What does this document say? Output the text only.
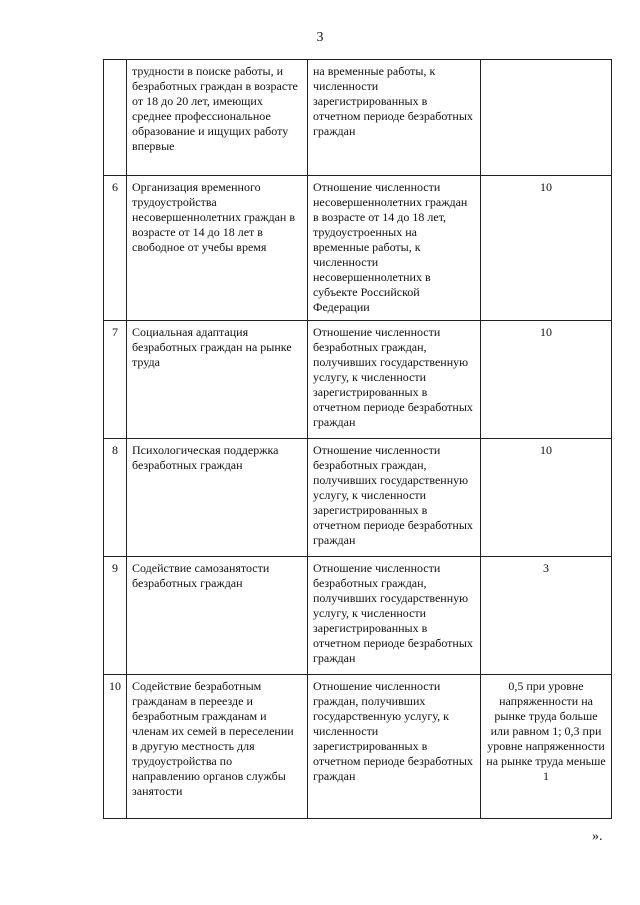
3
	трудности в поиске работы, и безработных граждан в возрасте от 18 до 20 лет, имеющих среднее профессиональное образование и ищущих работу впервые	на временные работы, к численности зарегистрированных в отчетном периоде безработных граждан	
6	Организация временного трудоустройства несовершеннолетних граждан в возрасте от 14 до 18 лет в свободное от учебы время	Отношение численности несовершеннолетних граждан в возрасте от 14 до 18 лет, трудоустроенных на временные работы, к численности несовершеннолетних в субъекте Российской Федерации	10
7	Социальная адаптация безработных граждан на рынке труда	Отношение численности безработных граждан, получивших государственную услугу, к численности зарегистрированных в отчетном периоде безработных граждан	10
8	Психологическая поддержка безработных граждан	Отношение численности безработных граждан, получивших государственную услугу, к численности зарегистрированных в отчетном периоде безработных граждан	10
9	Содействие самозанятости безработных граждан	Отношение численности безработных граждан, получивших государственную услугу, к численности зарегистрированных в отчетном периоде безработных граждан	3
10	Содействие безработным гражданам в переезде и безработным гражданам и членам их семей в переселении в другую местность для трудоустройства по направлению органов службы занятости	Отношение численности граждан, получивших государственную услугу, к численности зарегистрированных в отчетном периоде безработных граждан	0,5 при уровне напряженности на рынке труда больше или равном 1; 0,3 при уровне напряженности на рынке труда меньше 1
».
